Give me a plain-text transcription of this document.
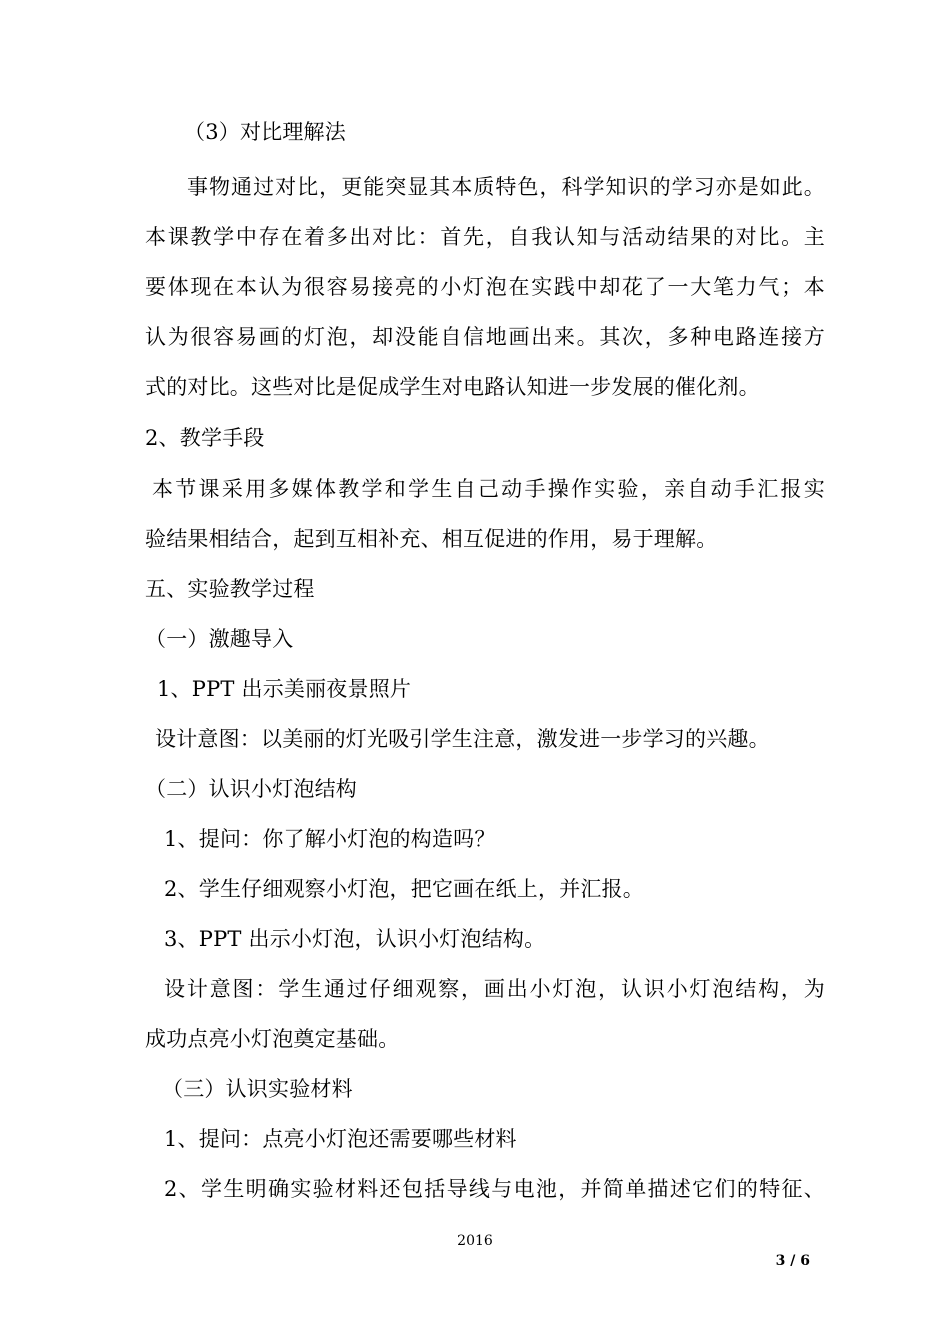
（3）对比理解法
事物通过对比，更能突显其本质特色，科学知识的学习亦是如此。
本课教学中存在着多出对比：首先，自我认知与活动结果的对比。主
要体现在本认为很容易接亮的小灯泡在实践中却花了一大笔力气；本
认为很容易画的灯泡，却没能自信地画出来。其次，多种电路连接方
式的对比。这些对比是促成学生对电路认知进一步发展的催化剂。
2、教学手段
本节课采用多媒体教学和学生自己动手操作实验，亲自动手汇报实
验结果相结合，起到互相补充、相互促进的作用，易于理解。
五、实验教学过程
（一）激趣导入
1、PPT 出示美丽夜景照片
设计意图：以美丽的灯光吸引学生注意，激发进一步学习的兴趣。
（二）认识小灯泡结构
1、提问：你了解小灯泡的构造吗？
2、学生仔细观察小灯泡，把它画在纸上，并汇报。
3、PPT 出示小灯泡，认识小灯泡结构。
设计意图：学生通过仔细观察，画出小灯泡，认识小灯泡结构，为
成功点亮小灯泡奠定基础。
（三）认识实验材料
1、提问：点亮小灯泡还需要哪些材料
2、学生明确实验材料还包括导线与电池，并简单描述它们的特征、
2016
3 / 6
